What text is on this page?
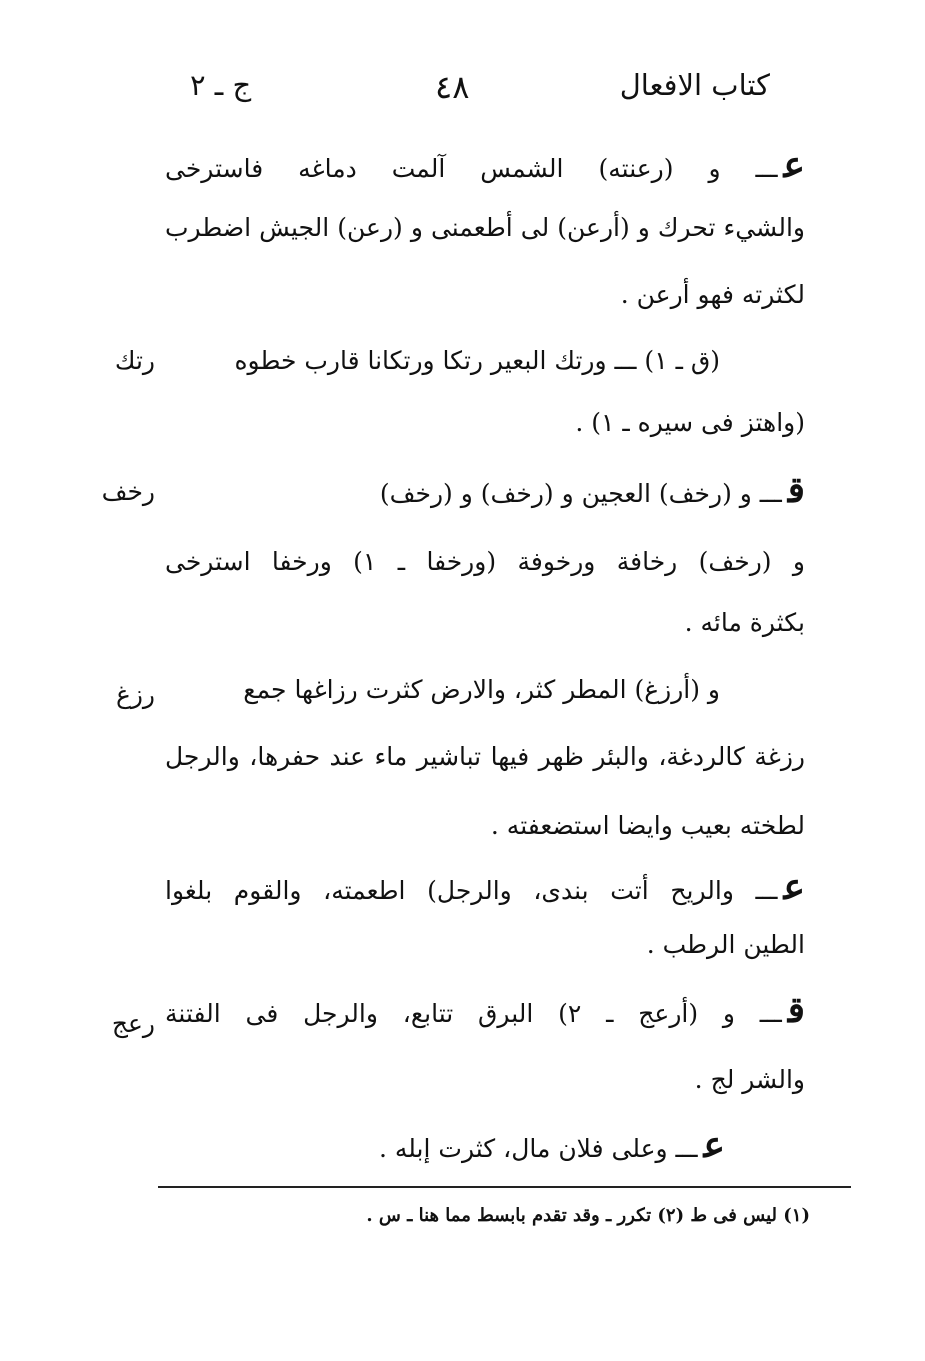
كتاب الافعال
٤٨
ج ـ ٢
عـــ و (رعنته) الشمس آلمت دماغه فاسترخى
والشيء تحرك و (أرعن) لى أطعمنى و (رعن) الجيش اضطرب
لكثرته فهو أرعن .
رتك	(ق ـ ١) ـــ ورتك البعير رتكا ورتكانا قارب خطوه
(واهتز فى سيره ـ ١) .
رخف	قـــ و (رخف) العجين و (رخف) و (رخف)
و (رخف) رخافة ورخوفة (ورخفا ـ ١) ورخفا استرخى
بكثرة مائه .
رزغ	و (أرزغ) المطر كثر، والارض كثرت رزاغها جمع
رزغة كالردغة، والبئر ظهر فيها تباشير ماء عند حفرها، والرجل
لطخته بعيب وايضا استضعفته .
عـــ والريح أتت بندى، والرجل) اطعمته، والقوم بلغوا
الطين الرطب .
رعج	قـــ و (أرعج ـ ٢) البرق تتابع، والرجل فى الفتنة
والشر لج .
عـــ وعلى فلان مال، كثرت إبله .
(١) ليس فى ط (٢) تكرر ـ وقد تقدم بابسط مما هنا ـ س .
